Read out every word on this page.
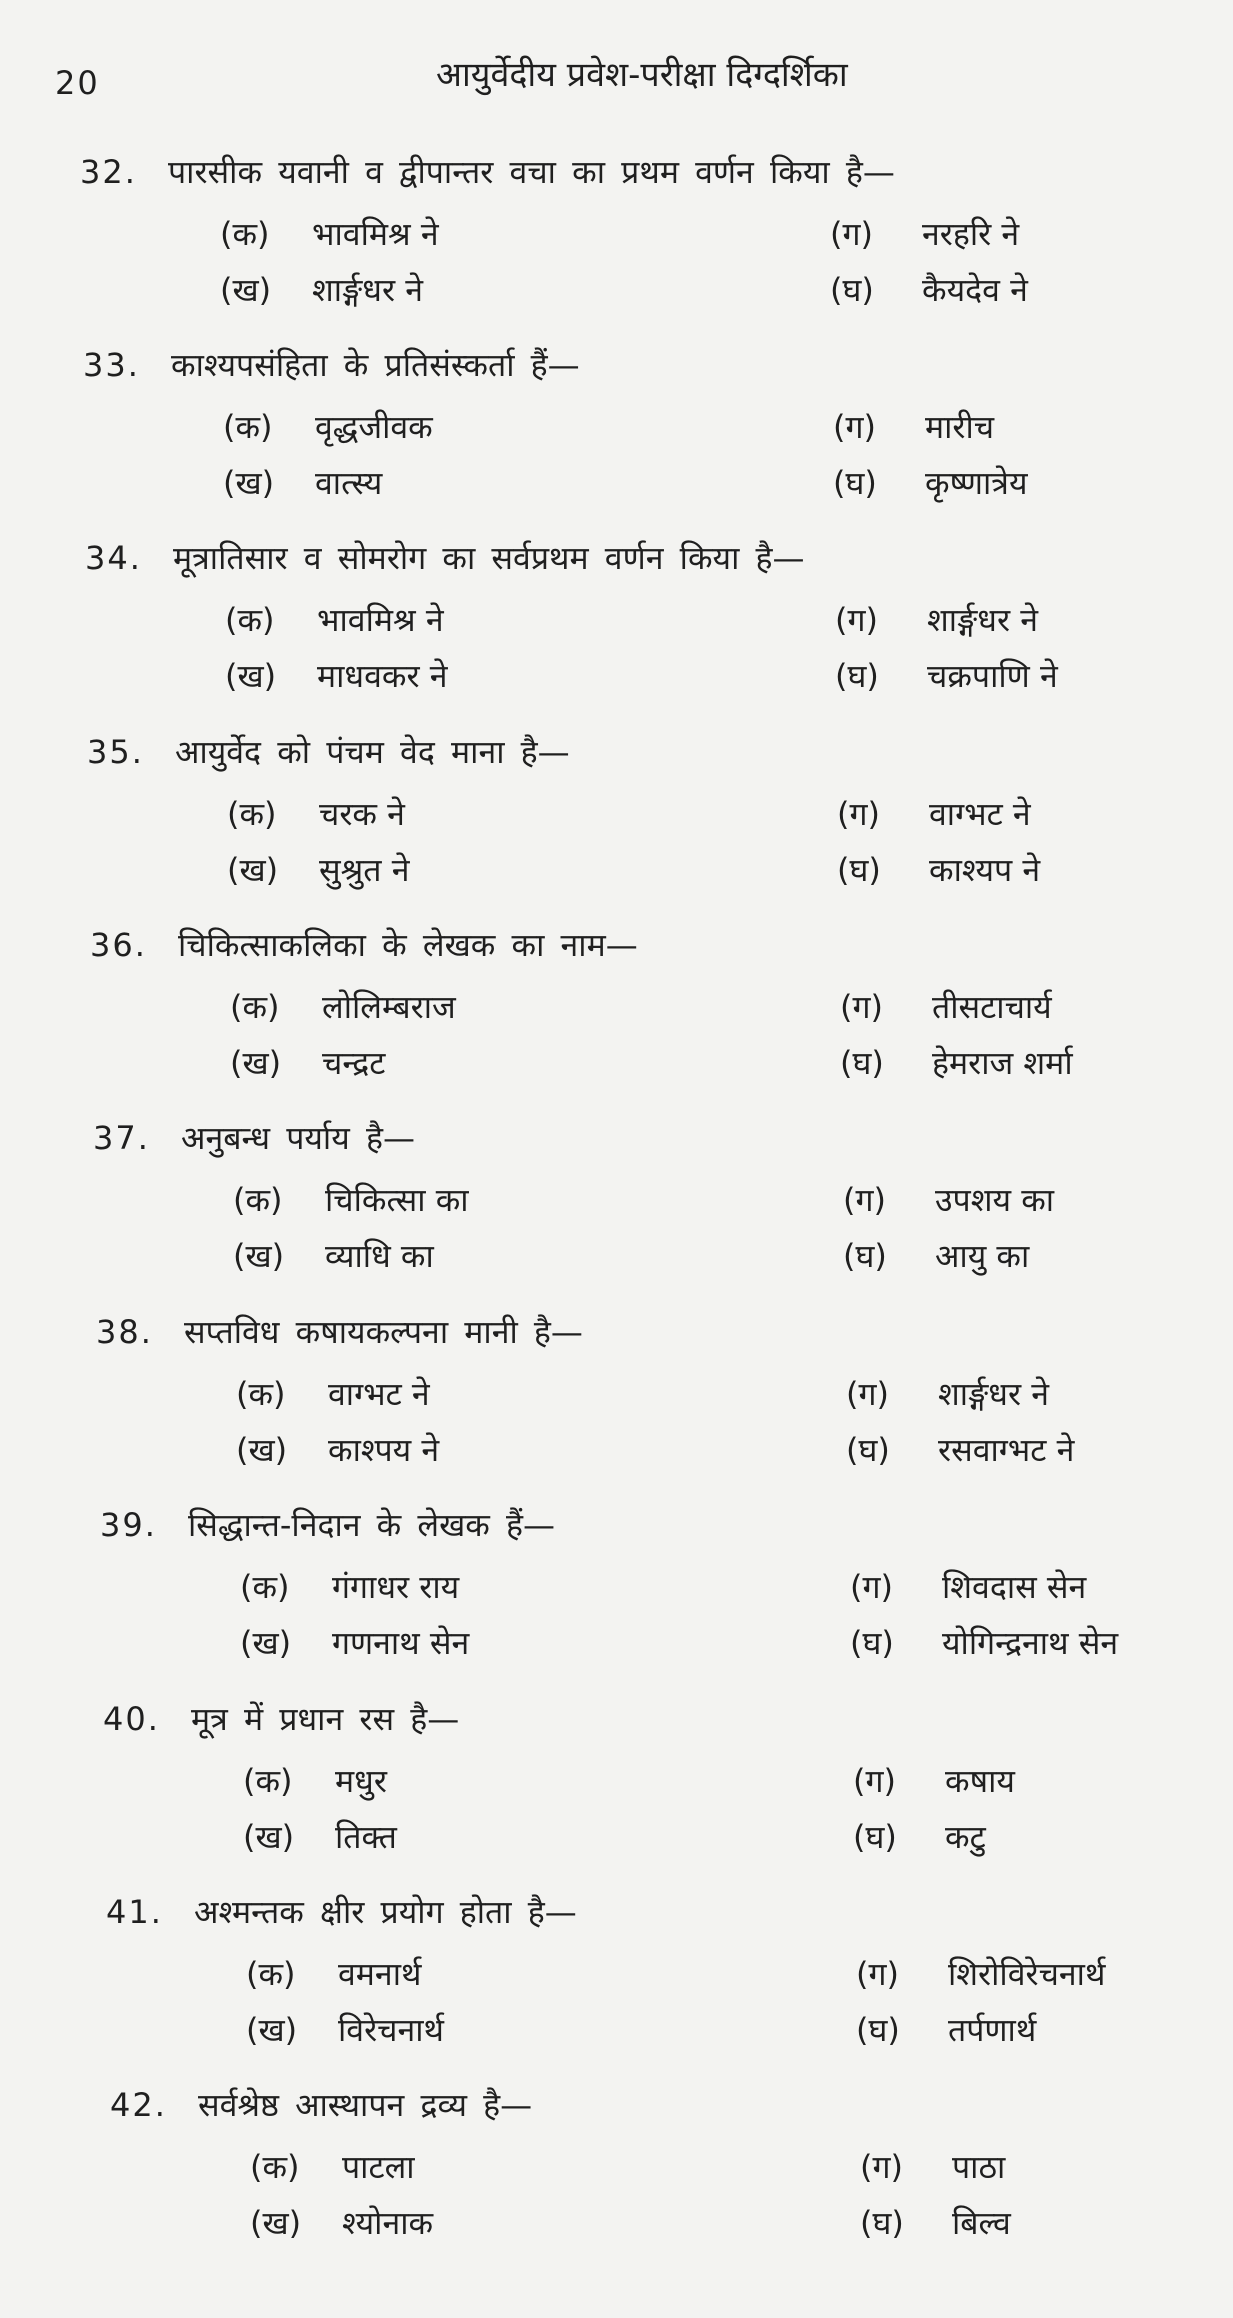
20	आयुर्वेदीय प्रवेश-परीक्षा दिग्दर्शिका
32. पारसीक यवानी व द्वीपान्तर वचा का प्रथम वर्णन किया है—
(क) भावमिश्र ने
(ख) शार्ङ्गधर ने
(ग) नरहरि ने
(घ) कैयदेव ने
33. काश्यपसंहिता के प्रतिसंस्कर्ता हैं—
(क) वृद्धजीवक
(ख) वात्स्य
(ग) मारीच
(घ) कृष्णात्रेय
34. मूत्रातिसार व सोमरोग का सर्वप्रथम वर्णन किया है—
(क) भावमिश्र ने
(ख) माधवकर ने
(ग) शार्ङ्गधर ने
(घ) चक्रपाणि ने
35. आयुर्वेद को पंचम वेद माना है—
(क) चरक ने
(ख) सुश्रुत ने
(ग) वाग्भट ने
(घ) काश्यप ने
36. चिकित्साकलिका के लेखक का नाम—
(क) लोलिम्बराज
(ख) चन्द्रट
(ग) तीसटाचार्य
(घ) हेमराज शर्मा
37. अनुबन्ध पर्याय है—
(क) चिकित्सा का
(ख) व्याधि का
(ग) उपशय का
(घ) आयु का
38. सप्तविध कषायकल्पना मानी है—
(क) वाग्भट ने
(ख) काश्पय ने
(ग) शार्ङ्गधर ने
(घ) रसवाग्भट ने
39. सिद्धान्त-निदान के लेखक हैं—
(क) गंगाधर राय
(ख) गणनाथ सेन
(ग) शिवदास सेन
(घ) योगिन्द्रनाथ सेन
40. मूत्र में प्रधान रस है—
(क) मधुर
(ख) तिक्त
(ग) कषाय
(घ) कटु
41. अश्मन्तक क्षीर प्रयोग होता है—
(क) वमनार्थ
(ख) विरेचनार्थ
(ग) शिरोविरेचनार्थ
(घ) तर्पणार्थ
42. सर्वश्रेष्ठ आस्थापन द्रव्य है—
(क) पाटला
(ख) श्योनाक
(ग) पाठा
(घ) बिल्व
